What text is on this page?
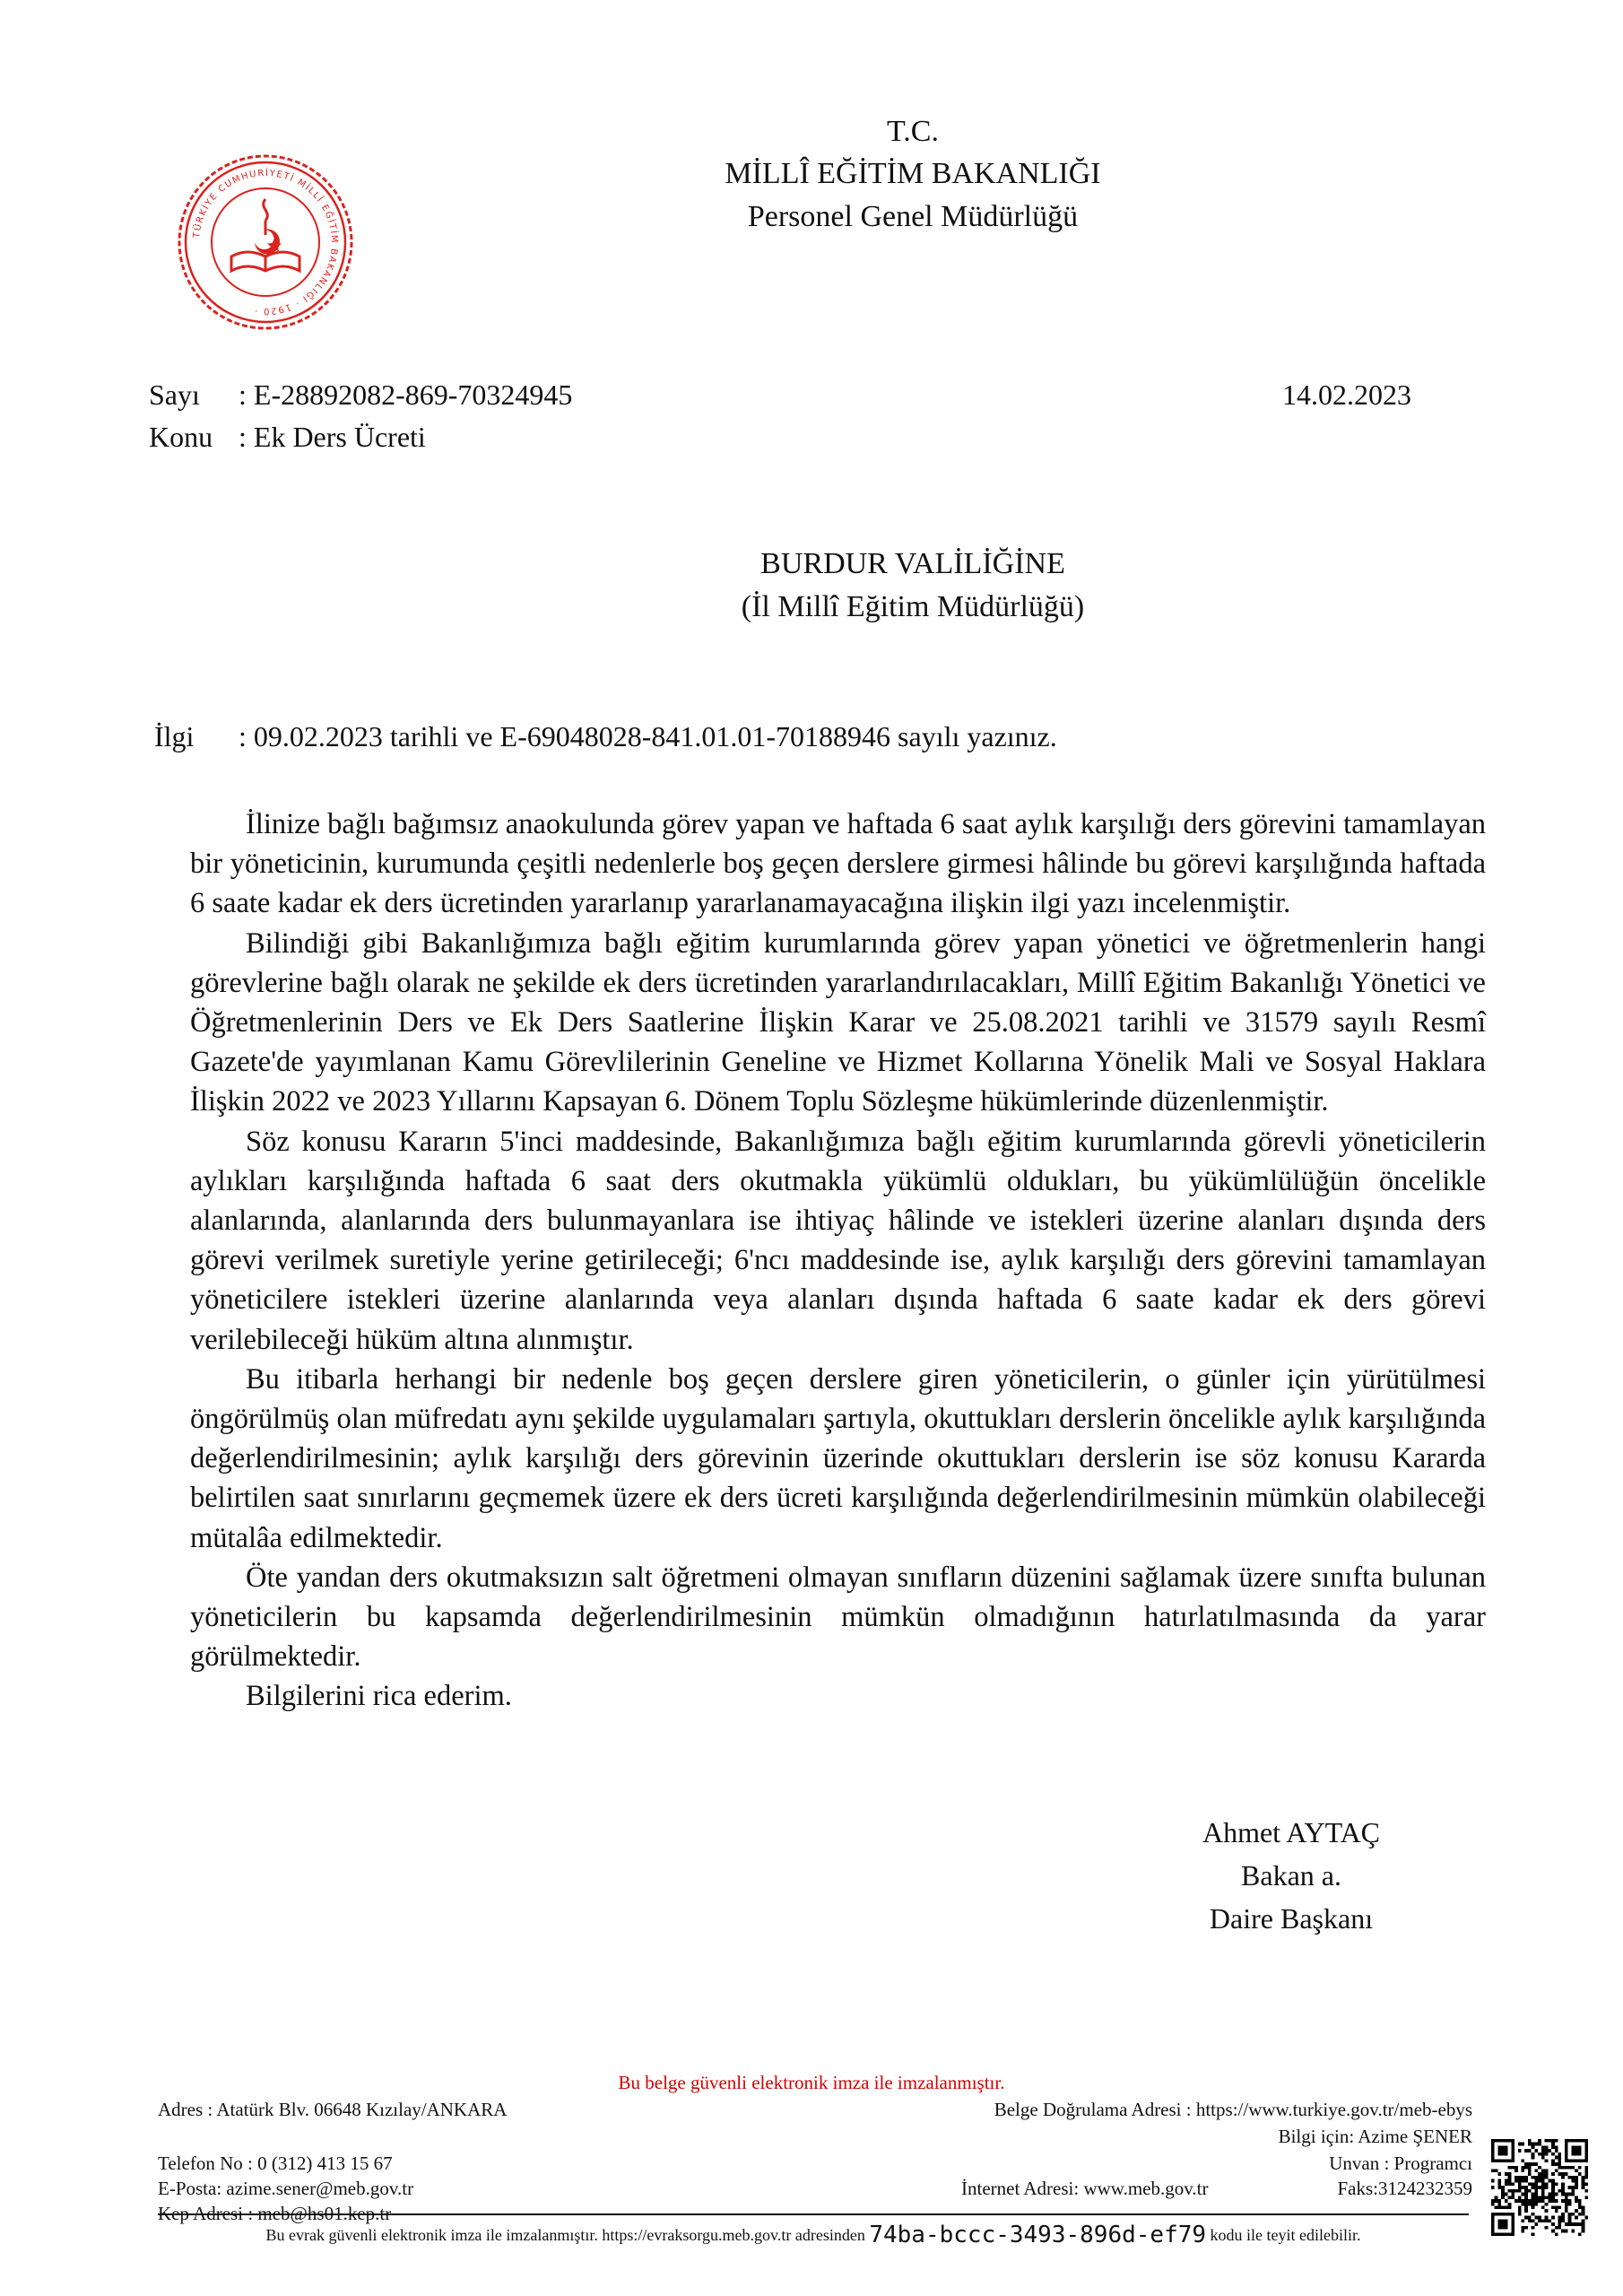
TÜRKİYE CUMHURİYETİ MİLLÎ EĞİTİM BAKANLIĞI · 1920 ·
T.C.
MİLLÎ EĞİTİM BAKANLIĞI
Personel Genel Müdürlüğü
Sayı : E-28892082-869-70324945	14.02.2023
Konu : Ek Ders Ücreti
BURDUR VALİLİĞİNE
(İl Millî Eğitim Müdürlüğü)
İlgi : 09.02.2023 tarihli ve E-69048028-841.01.01-70188946 sayılı yazınız.

İlinize bağlı bağımsız anaokulunda görev yapan ve haftada 6 saat aylık karşılığı ders görevini tamamlayan bir yöneticinin, kurumunda çeşitli nedenlerle boş geçen derslere girmesi hâlinde bu görevi karşılığında haftada 6 saate kadar ek ders ücretinden yararlanıp yararlanamayacağına ilişkin ilgi yazı incelenmiştir.

Bilindiği gibi Bakanlığımıza bağlı eğitim kurumlarında görev yapan yönetici ve öğretmenlerin hangi görevlerine bağlı olarak ne şekilde ek ders ücretinden yararlandırılacakları, Millî Eğitim Bakanlığı Yönetici ve Öğretmenlerinin Ders ve Ek Ders Saatlerine İlişkin Karar ve 25.08.2021 tarihli ve 31579 sayılı Resmî Gazete'de yayımlanan Kamu Görevlilerinin Geneline ve Hizmet Kollarına Yönelik Mali ve Sosyal Haklara İlişkin 2022 ve 2023 Yıllarını Kapsayan 6. Dönem Toplu Sözleşme hükümlerinde düzenlenmiştir.

Söz konusu Kararın 5'inci maddesinde, Bakanlığımıza bağlı eğitim kurumlarında görevli yöneticilerin aylıkları karşılığında haftada 6 saat ders okutmakla yükümlü oldukları, bu yükümlülüğün öncelikle alanlarında, alanlarında ders bulunmayanlara ise ihtiyaç hâlinde ve istekleri üzerine alanları dışında ders görevi verilmek suretiyle yerine getirileceği; 6'ncı maddesinde ise, aylık karşılığı ders görevini tamamlayan yöneticilere istekleri üzerine alanlarında veya alanları dışında haftada 6 saate kadar ek ders görevi verilebileceği hüküm altına alınmıştır.

Bu itibarla herhangi bir nedenle boş geçen derslere giren yöneticilerin, o günler için yürütülmesi öngörülmüş olan müfredatı aynı şekilde uygulamaları şartıyla, okuttukları derslerin öncelikle aylık karşılığında değerlendirilmesinin; aylık karşılığı ders görevinin üzerinde okuttukları derslerin ise söz konusu Kararda belirtilen saat sınırlarını geçmemek üzere ek ders ücreti karşılığında değerlendirilmesinin mümkün olabileceği mütalâa edilmektedir.

Öte yandan ders okutmaksızın salt öğretmeni olmayan sınıfların düzenini sağlamak üzere sınıfta bulunan yöneticilerin bu kapsamda değerlendirilmesinin mümkün olmadığının hatırlatılmasında da yarar görülmektedir.

Bilgilerini rica ederim.

Ahmet AYTAÇ
Bakan a.
Daire Başkanı
Bu belge güvenli elektronik imza ile imzalanmıştır.
Adres : Atatürk Blv. 06648 Kızılay/ANKARA	Belge Doğrulama Adresi : https://www.turkiye.gov.tr/meb-ebys
Bilgi için: Azime ŞENER
Telefon No : 0 (312) 413 15 67	Unvan : Programcı
E-Posta: azime.sener@meb.gov.tr	İnternet Adresi: www.meb.gov.tr	Faks:3124232359
Kep Adresi : meb@hs01.kep.tr
Bu evrak güvenli elektronik imza ile imzalanmıştır. https://evraksorgu.meb.gov.tr adresinden 74ba-bccc-3493-896d-ef79 kodu ile teyit edilebilir.
